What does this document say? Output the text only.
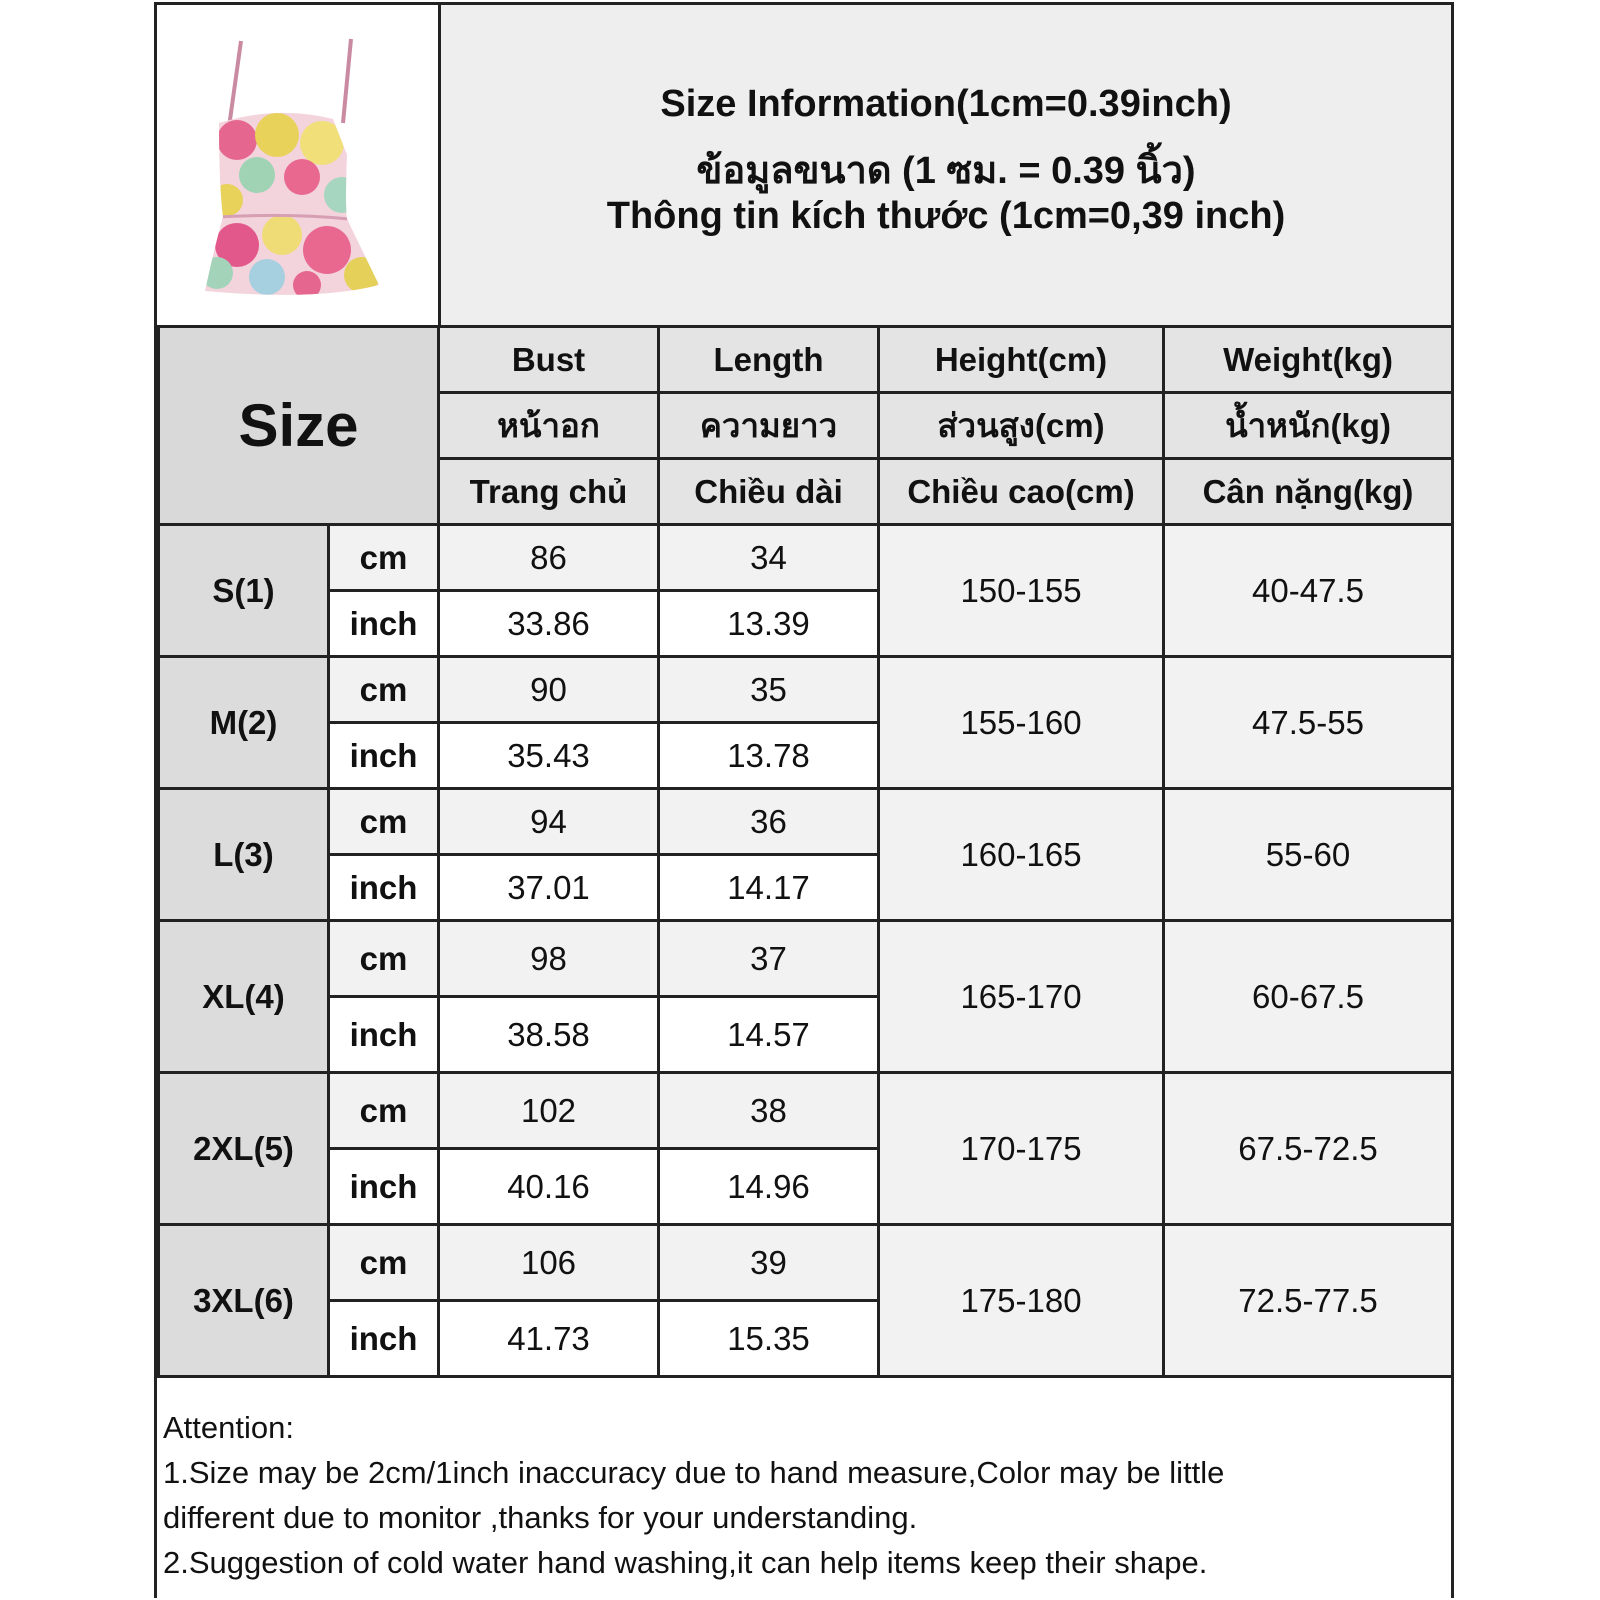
Size Information(1cm=0.39inch)
ข้อมูลขนาด (1 ซม. = 0.39 นิ้ว)
Thông tin kích thước (1cm=0,39 inch)
Size		Bust	Length	Height(cm)	Weight(kg)
		หน้าอก	ความยาว	ส่วนสูง(cm)	น้ำหนัก(kg)
		Trang chủ	Chiều dài	Chiều cao(cm)	Cân nặng(kg)
S(1)	cm	86	34	150-155	40-47.5
	inch	33.86	13.39		
M(2)	cm	90	35	155-160	47.5-55
	inch	35.43	13.78		
L(3)	cm	94	36	160-165	55-60
	inch	37.01	14.17		
XL(4)	cm	98	37	165-170	60-67.5
	inch	38.58	14.57		
2XL(5)	cm	102	38	170-175	67.5-72.5
	inch	40.16	14.96		
3XL(6)	cm	106	39	175-180	72.5-77.5
	inch	41.73	15.35		
Attention:
1.Size may be 2cm/1inch inaccuracy due to hand measure,Color may be little
different due to monitor ,thanks for your understanding.
2.Suggestion of cold water hand washing,it can help items keep their shape.
